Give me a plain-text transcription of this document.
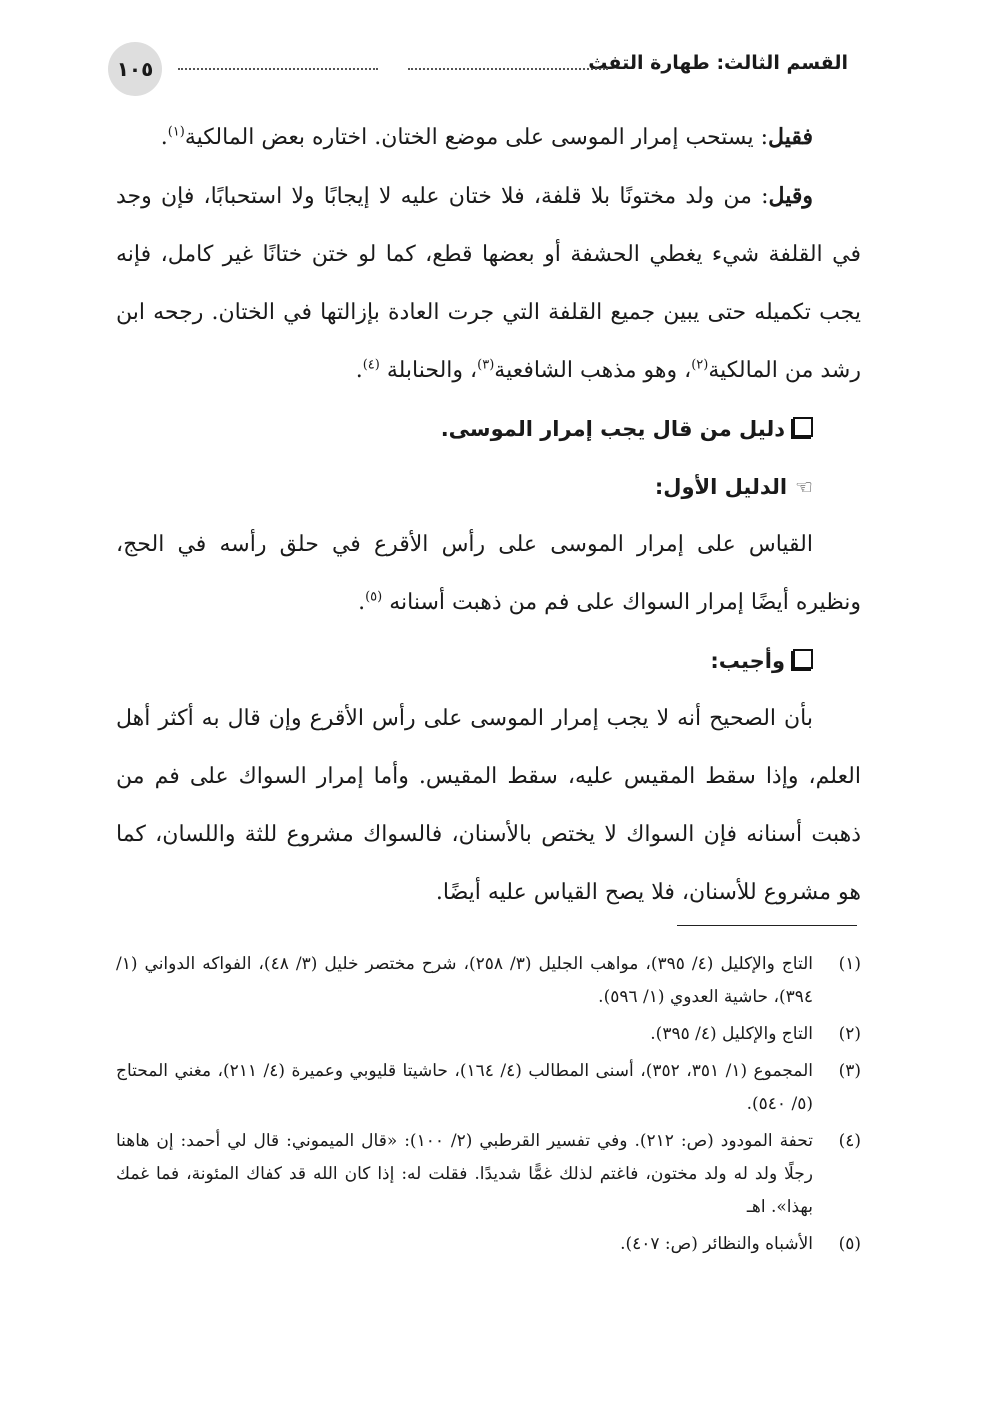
القسم الثالث: طهارة التفث
١٠٥

فقيل: يستحب إمرار الموسى على موضع الختان. اختاره بعض المالكية$^{(١)}$.

وقيل: من ولد مختونًا بلا قلفة، فلا ختان عليه لا إيجابًا ولا استحبابًا، فإن وجد في القلفة شيء يغطي الحشفة أو بعضها قطع، كما لو ختن ختانًا غير كامل، فإنه يجب تكميله حتى يبين جميع القلفة التي جرت العادة بإزالتها في الختان. رجحه ابن رشد من المالكية$^{(٢)}$، وهو مذهب الشافعية$^{(٣)}$، والحنابلة $^{(٤)}$.

دليل من قال يجب إمرار الموسى.

☜الدليل الأول:

القياس على إمرار الموسى على رأس الأقرع في حلق رأسه في الحج، ونظيره أيضًا إمرار السواك على فم من ذهبت أسنانه $^{(٥)}$.

وأجيب:

بأن الصحيح أنه لا يجب إمرار الموسى على رأس الأقرع وإن قال به أكثر أهل العلم، وإذا سقط المقيس عليه، سقط المقيس. وأما إمرار السواك على فم من ذهبت أسنانه فإن السواك لا يختص بالأسنان، فالسواك مشروع للثة واللسان، كما هو مشروع للأسنان، فلا يصح القياس عليه أيضًا.

(١)
التاج والإكليل (٤/ ٣٩٥)، مواهب الجليل (٣/ ٢٥٨)، شرح مختصر خليل (٣/ ٤٨)، الفواكه الدواني (١/ ٣٩٤)، حاشية العدوي (١/ ٥٩٦).
(٢)
التاج والإكليل (٤/ ٣٩٥).
(٣)
المجموع (١/ ٣٥١، ٣٥٢)، أسنى المطالب (٤/ ١٦٤)، حاشيتا قليوبي وعميرة (٤/ ٢١١)، مغني المحتاج (٥/ ٥٤٠).
(٤)
تحفة المودود (ص: ٢١٢). وفي تفسير القرطبي (٢/ ١٠٠): «قال الميموني: قال لي أحمد: إن هاهنا رجلًا ولد له ولد مختون، فاغتم لذلك غمًّا شديدًا. فقلت له: إذا كان الله قد كفاك المئونة، فما غمك بهذا». اهـ
(٥)
الأشباه والنظائر (ص: ٤٠٧).
